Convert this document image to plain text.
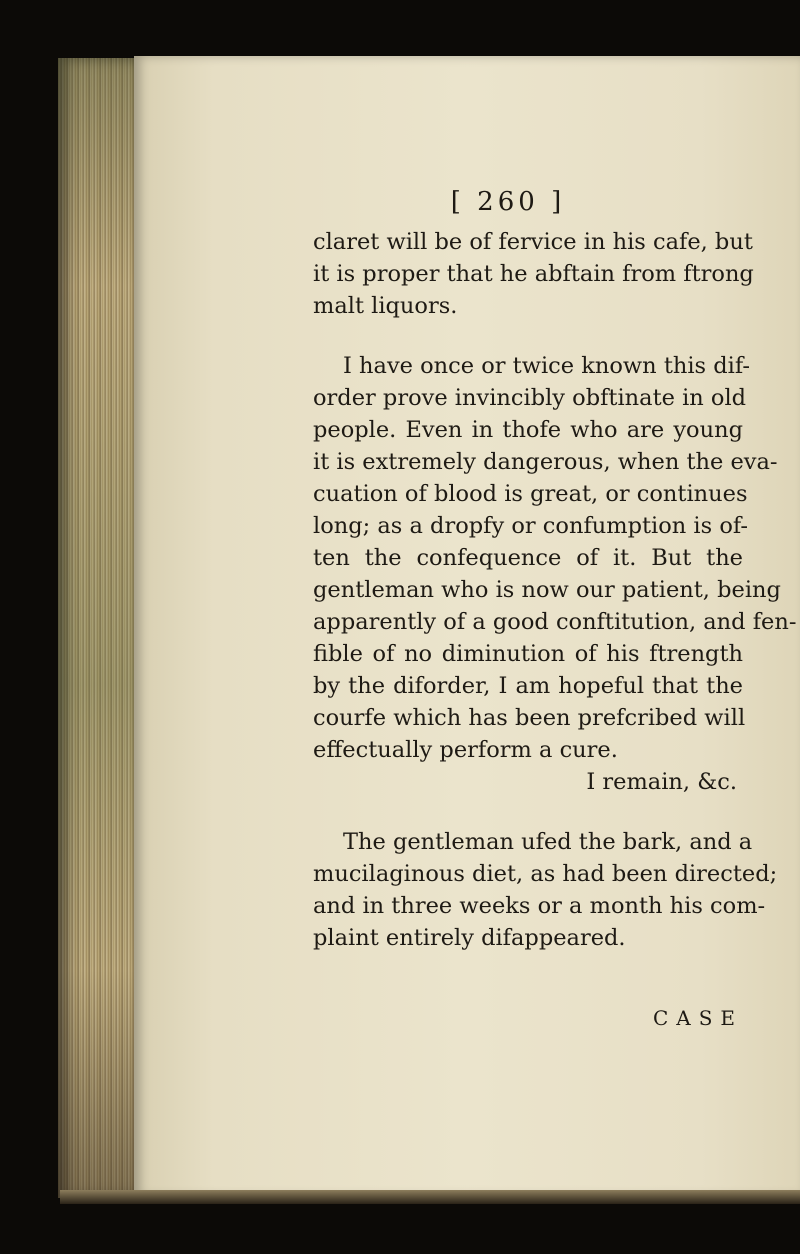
[ 260 ]
claret will be of fervice in his cafe, but
it is proper that he abftain from ftrong
malt liquors.
I have once or twice known this dif-
order prove invincibly obftinate in old
people. Even in thofe who are young
it is extremely dangerous, when the eva-
cuation of blood is great, or continues
long; as a dropfy or confumption is of-
ten the confequence of it. But the
gentleman who is now our patient, being
apparently of a good conftitution, and fen-
fible of no diminution of his ftrength
by the diforder, I am hopeful that the
courfe which has been prefcribed will
effectually perform a cure.
I remain, &c.
The gentleman ufed the bark, and a
mucilaginous diet, as had been directed;
and in three weeks or a month his com-
plaint entirely difappeared.
CASE
